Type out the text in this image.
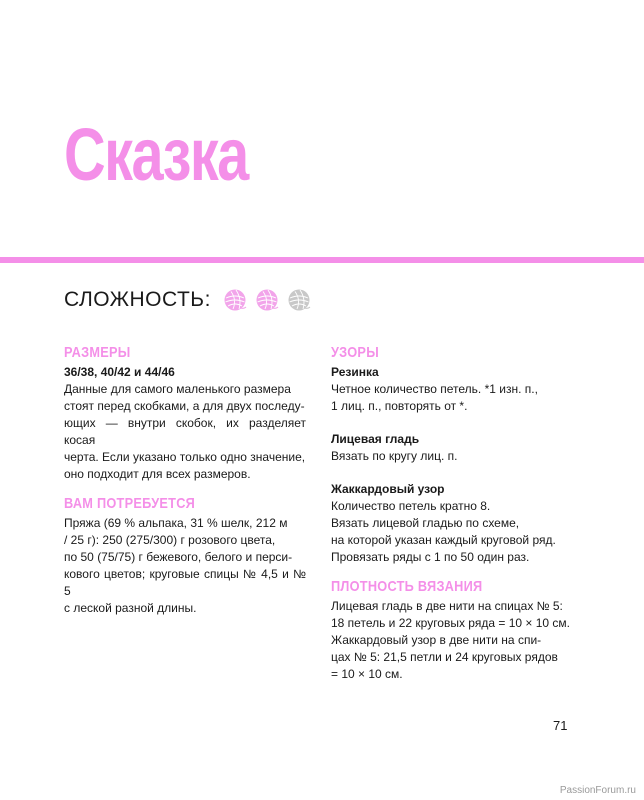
Сказка
СЛОЖНОСТЬ:
РАЗМЕРЫ
36/38, 40/42 и 44/46
Данные для самого маленького размера
стоят перед скобками, а для двух последу-
ющих — внутри скобок, их разделяет косая
черта. Если указано только одно значение,
оно подходит для всех размеров.
ВАМ ПОТРЕБУЕТСЯ
Пряжа (69 % альпака, 31 % шелк, 212 м
/ 25 г): 250 (275/300) г розового цвета,
по 50 (75/75) г бежевого, белого и перси-
кового цветов; круговые спицы № 4,5 и № 5
с леской разной длины.
УЗОРЫ
Резинка
Четное количество петель. *1 изн. п.,
1 лиц. п., повторять от *.
Лицевая гладь
Вязать по кругу лиц. п.
Жаккардовый узор
Количество петель кратно 8.
Вязать лицевой гладью по схеме,
на которой указан каждый круговой ряд.
Провязать ряды с 1 по 50 один раз.
ПЛОТНОСТЬ ВЯЗАНИЯ
Лицевая гладь в две нити на спицах № 5:
18 петель и 22 круговых ряда = 10 × 10 см.
Жаккардовый узор в две нити на спи-
цах № 5: 21,5 петли и 24 круговых рядов
= 10 × 10 см.
71
PassionForum.ru
